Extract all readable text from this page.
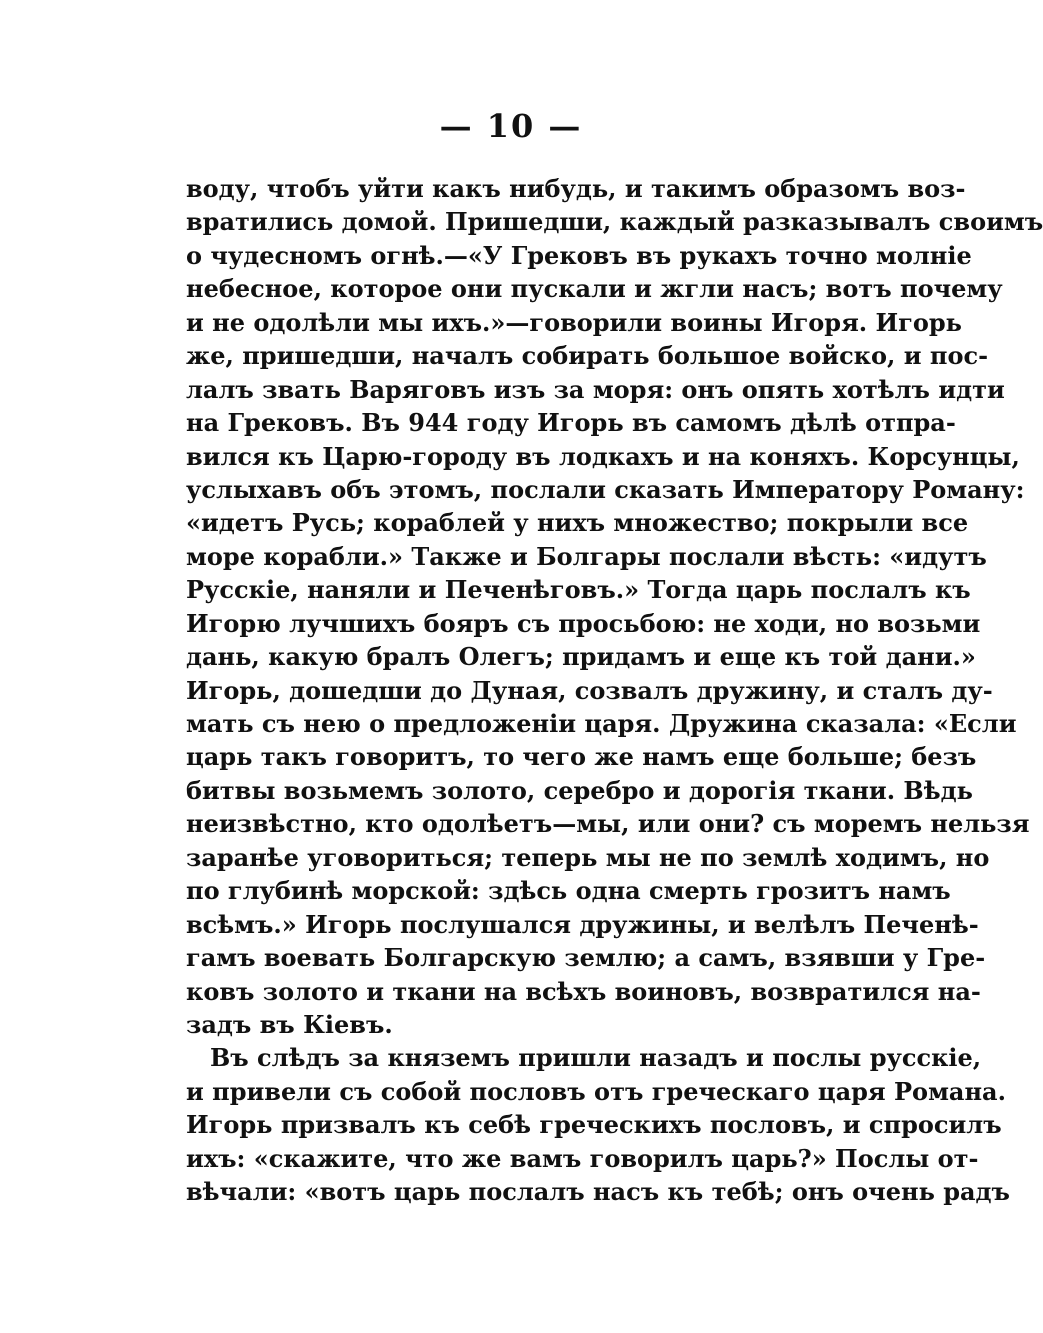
— 10 —
воду, чтобъ уйти какъ нибудь, и такимъ образомъ воз-
вратились домой. Пришедши, каждый разказывалъ своимъ
о чудесномъ огнѣ.—«У Грековъ въ рукахъ точно молніе
небесное, которое они пускали и жгли насъ; вотъ почему
и не одолѣли мы ихъ.»—говорили воины Игоря. Игорь
же, пришедши, началъ собирать большое войско, и пос-
лалъ звать Варяговъ изъ за моря: онъ опять хотѣлъ идти
на Грековъ. Въ 944 году Игорь въ самомъ дѣлѣ отпра-
вился къ Царю-городу въ лодкахъ и на коняхъ. Корсунцы,
услыхавъ объ этомъ, послали сказать Императору Роману:
«идетъ Русь; кораблей у нихъ множество; покрыли все
море корабли.» Также и Болгары послали вѣсть: «идутъ
Русскіе, наняли и Печенѣговъ.» Тогда царь послалъ къ
Игорю лучшихъ бояръ съ просьбою: не ходи, но возьми
дань, какую бралъ Олегъ; придамъ и еще къ той дани.»
Игорь, дошедши до Дуная, созвалъ дружину, и сталъ ду-
мать съ нею о предложеніи царя. Дружина сказала: «Если
царь такъ говоритъ, то чего же намъ еще больше; безъ
битвы возьмемъ золото, серебро и дорогія ткани. Вѣдь
неизвѣстно, кто одолѣетъ—мы, или они? съ моремъ нельзя
заранѣе уговориться; теперь мы не по землѣ ходимъ, но
по глубинѣ морской: здѣсь одна смерть грозитъ намъ
всѣмъ.» Игорь послушался дружины, и велѣлъ Печенѣ-
гамъ воевать Болгарскую землю; а самъ, взявши у Гре-
ковъ золото и ткани на всѣхъ воиновъ, возвратился на-
задъ въ Кіевъ.
Въ слѣдъ за княземъ пришли назадъ и послы русскіе,
и привели съ собой пословъ отъ греческаго царя Романа.
Игорь призвалъ къ себѣ греческихъ пословъ, и спросилъ
ихъ: «скажите, что же вамъ говорилъ царь?» Послы от-
вѣчали: «вотъ царь послалъ насъ къ тебѣ; онъ очень радъ
